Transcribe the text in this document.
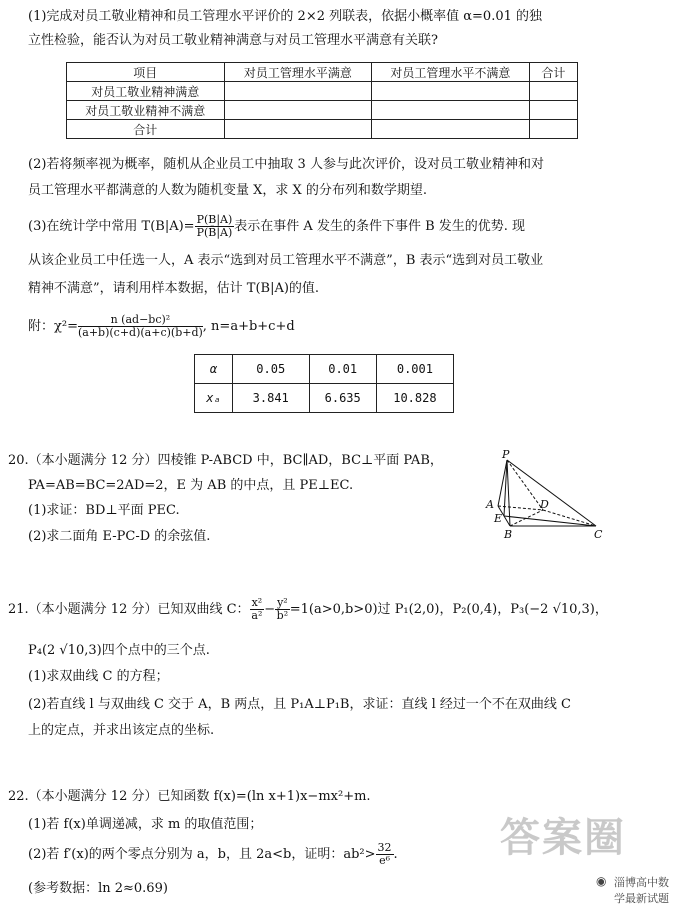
(1)完成对员工敬业精神和员工管理水平评价的 2×2 列联表，依据小概率值 α=0.01 的独
立性检验，能否认为对员工敬业精神满意与对员工管理水平满意有关联?
项目	对员工管理水平满意	对员工管理水平不满意	合计
对员工敬业精神满意			
对员工敬业精神不满意			
合计			
(2)若将频率视为概率，随机从企业员工中抽取 3 人参与此次评价，设对员工敬业精神和对
员工管理水平都满意的人数为随机变量 X，求 X 的分布列和数学期望.
(3)在统计学中常用 $T(B|A)= \frac{P(B|A)}{P(B̄|A)}$ 表示在事件 A 发生的条件下事件 B 发生的优势. 现
从该企业员工中任选一人，A 表示“选到对员工管理水平不满意”，B 表示“选到对员工敬业
精神不满意”，请利用样本数据，估计 T(B|A)的值.
附：$\chi^2= \frac{\text{n (ad−bc)²}}{(a+b)(c+d)(a+c)(b+d)}$ , n=a+b+c+d
α	0.05	0.01	0.001
xₐ	3.841	6.635	10.828
20.（本小题满分 12 分）四棱锥 P-ABCD 中，BC∥AD，BC⊥平面 PAB，
PA=AB=BC=2AD=2，E 为 AB 的中点，且 PE⊥EC.
(1)求证：BD⊥平面 PEC.
(2)求二面角 E-PC-D 的余弦值.
P
A
E
B	C
D
21.（本小题满分 12 分）已知双曲线 C： $\frac{\text{x²}}{\text{a²}} - \frac{\text{y²}}{\text{b²}} =1(a>0,b>0)$过 P₁(2,0)，P₂(0,4)，P₃(−2 √10,3)，
P₄(2 √10,3)四个点中的三个点.
(1)求双曲线 C 的方程；
(2)若直线 l 与双曲线 C 交于 A，B 两点，且 P₁A⊥P₁B，求证：直线 l 经过一个不在双曲线 C
上的定点，并求出该定点的坐标.
答案圈
◉ 淄博高中数学最新试题
22.（本小题满分 12 分）已知函数 f(x)=(ln x+1)x−mx²+m.
(1)若 f(x)单调递减，求 m 的取值范围；
(2)若 f′(x)的两个零点分别为 a，b，且 2a<b，证明：$ab^2> \frac{32}{\text{e⁶}}$ .
(参考数据：ln 2≈0.69)
